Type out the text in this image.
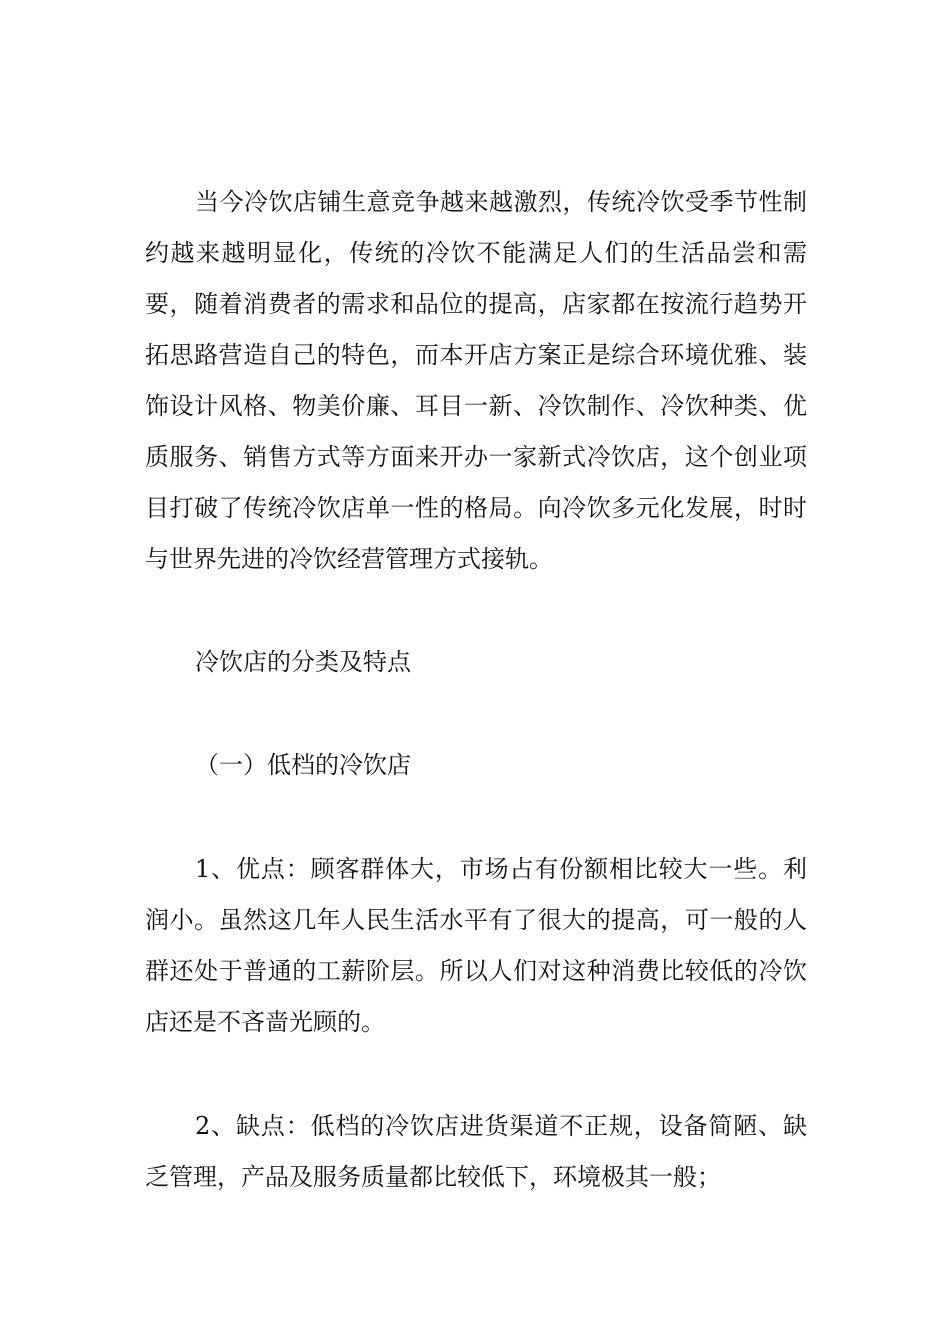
当今冷饮店铺生意竞争越来越激烈，传统冷饮受季节性制约越来越明显化，传统的冷饮不能满足人们的生活品尝和需要，随着消费者的需求和品位的提高，店家都在按流行趋势开拓思路营造自己的特色，而本开店方案正是综合环境优雅、装饰设计风格、物美价廉、耳目一新、冷饮制作、冷饮种类、优质服务、销售方式等方面来开办一家新式冷饮店，这个创业项目打破了传统冷饮店单一性的格局。向冷饮多元化发展，时时与世界先进的冷饮经营管理方式接轨。

冷饮店的分类及特点

（一）低档的冷饮店

1、优点：顾客群体大，市场占有份额相比较大一些。利润小。虽然这几年人民生活水平有了很大的提高，可一般的人群还处于普通的工薪阶层。所以人们对这种消费比较低的冷饮店还是不吝啬光顾的。

2、缺点：低档的冷饮店进货渠道不正规，设备简陋、缺乏管理，产品及服务质量都比较低下，环境极其一般；
